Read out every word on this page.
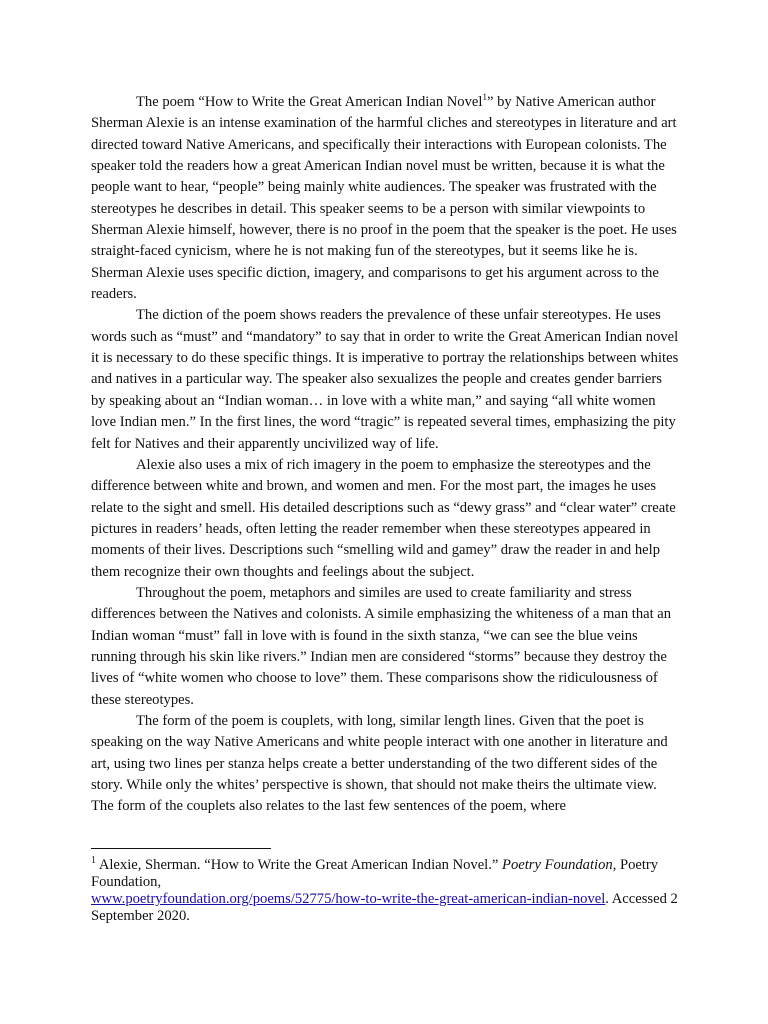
The poem “How to Write the Great American Indian Novel$^1$” by Native American author Sherman Alexie is an intense examination of the harmful cliches and stereotypes in literature and art directed toward Native Americans, and specifically their interactions with European colonists. The speaker told the readers how a great American Indian novel must be written, because it is what the people want to hear, “people” being mainly white audiences. The speaker was frustrated with the stereotypes he describes in detail. This speaker seems to be a person with similar viewpoints to Sherman Alexie himself, however, there is no proof in the poem that the speaker is the poet. He uses straight-faced cynicism, where he is not making fun of the stereotypes, but it seems like he is. Sherman Alexie uses specific diction, imagery, and comparisons to get his argument across to the readers.

The diction of the poem shows readers the prevalence of these unfair stereotypes. He uses words such as “must” and “mandatory” to say that in order to write the Great American Indian novel it is necessary to do these specific things. It is imperative to portray the relationships between whites and natives in a particular way. The speaker also sexualizes the people and creates gender barriers by speaking about an “Indian woman… in love with a white man,” and saying “all white women love Indian men.” In the first lines, the word “tragic” is repeated several times, emphasizing the pity felt for Natives and their apparently uncivilized way of life.

Alexie also uses a mix of rich imagery in the poem to emphasize the stereotypes and the difference between white and brown, and women and men. For the most part, the images he uses relate to the sight and smell. His detailed descriptions such as “dewy grass” and “clear water” create pictures in readers’ heads, often letting the reader remember when these stereotypes appeared in moments of their lives. Descriptions such “smelling wild and gamey” draw the reader in and help them recognize their own thoughts and feelings about the subject.

Throughout the poem, metaphors and similes are used to create familiarity and stress differences between the Natives and colonists. A simile emphasizing the whiteness of a man that an Indian woman “must” fall in love with is found in the sixth stanza, “we can see the blue veins running through his skin like rivers.” Indian men are considered “storms” because they destroy the lives of “white women who choose to love” them. These comparisons show the ridiculousness of these stereotypes.

The form of the poem is couplets, with long, similar length lines. Given that the poet is speaking on the way Native Americans and white people interact with one another in literature and art, using two lines per stanza helps create a better understanding of the two different sides of the story. While only the whites’ perspective is shown, that should not make theirs the ultimate view. The form of the couplets also relates to the last few sentences of the poem, where

$^1$ Alexie, Sherman. “How to Write the Great American Indian Novel.” Poetry Foundation, Poetry Foundation,
www.poetryfoundation.org/poems/52775/how-to-write-the-great-american-indian-novel. Accessed 2 September 2020.
